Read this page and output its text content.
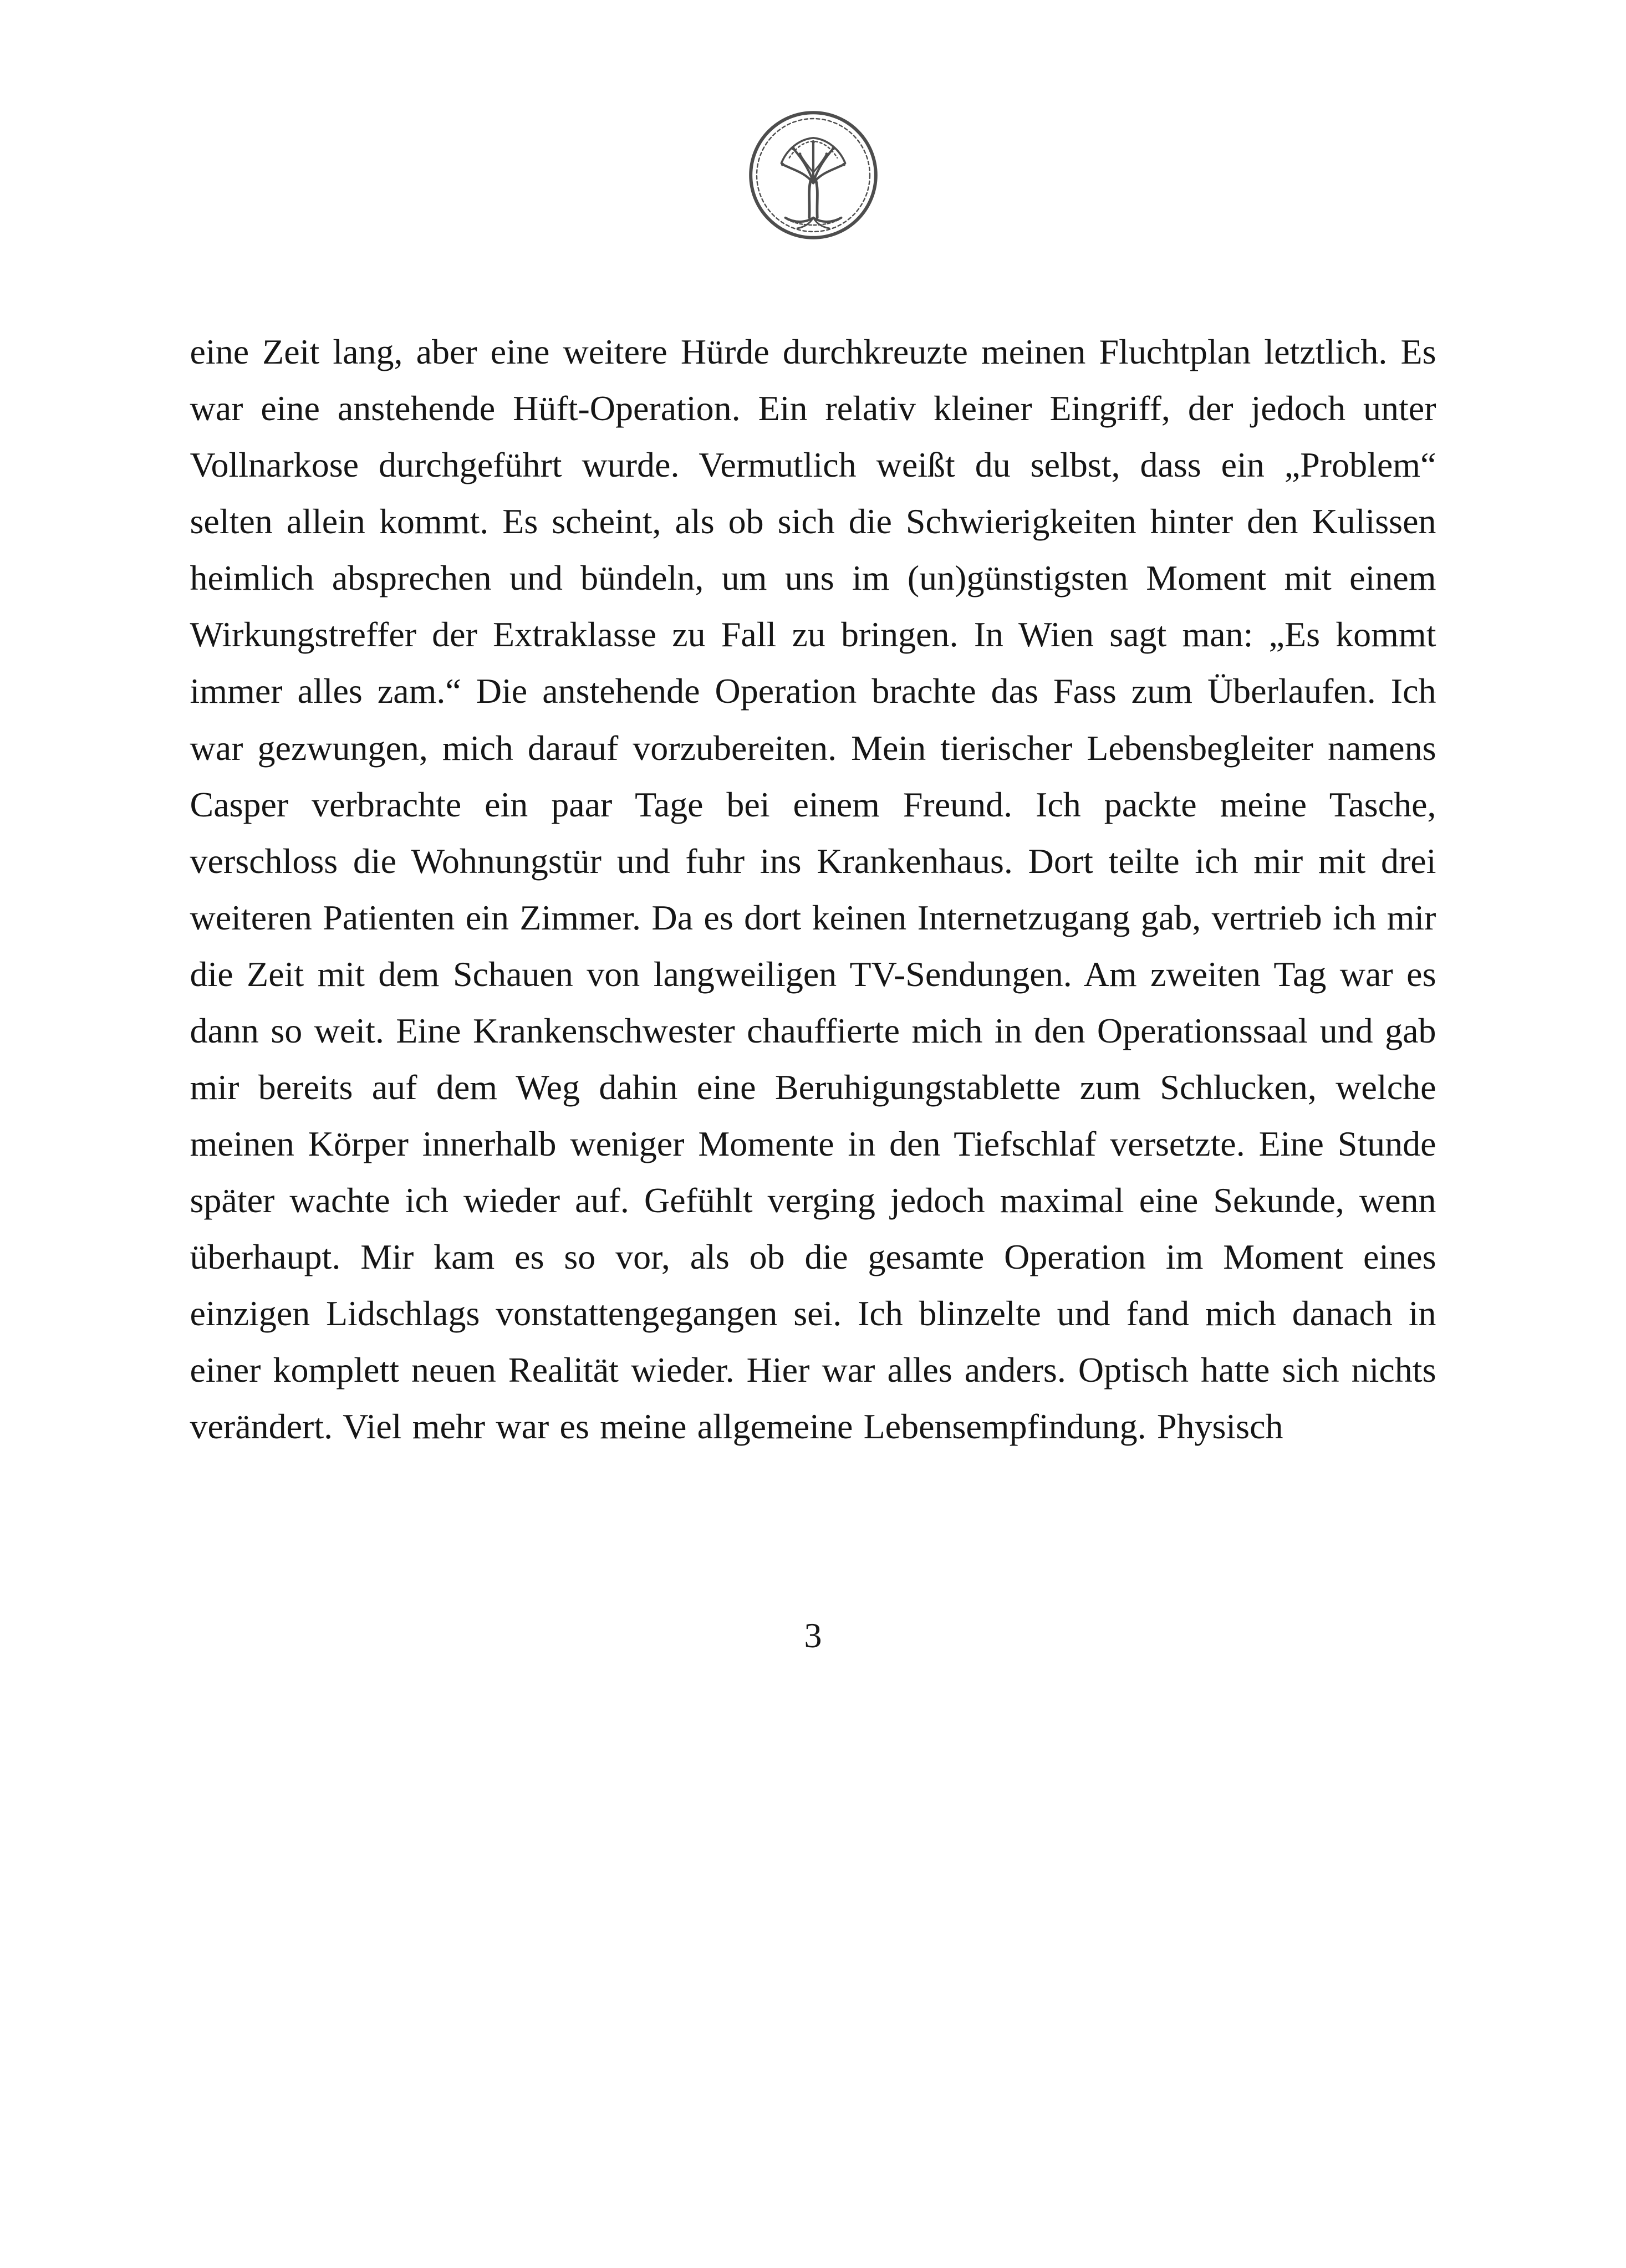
eine Zeit lang, aber eine weitere Hürde durchkreuzte meinen Fluchtplan letztlich. Es war eine anstehende Hüft-Operation. Ein relativ kleiner Eingriff, der jedoch unter Vollnarkose durchgeführt wurde. Vermutlich weißt du selbst, dass ein „Problem“ selten allein kommt. Es scheint, als ob sich die Schwierigkeiten hinter den Kulissen heimlich absprechen und bündeln, um uns im (un)günstigsten Moment mit einem Wirkungstreffer der Extraklasse zu Fall zu bringen. In Wien sagt man: „Es kommt immer alles zam.“ Die anstehende Operation brachte das Fass zum Überlaufen. Ich war gezwungen, mich darauf vorzubereiten. Mein tierischer Lebensbegleiter namens Casper verbrachte ein paar Tage bei einem Freund. Ich packte meine Tasche, verschloss die Wohnungstür und fuhr ins Krankenhaus. Dort teilte ich mir mit drei weiteren Patienten ein Zimmer. Da es dort keinen Internetzugang gab, vertrieb ich mir die Zeit mit dem Schauen von langweiligen TV-Sendungen. Am zweiten Tag war es dann so weit. Eine Krankenschwester chauffierte mich in den Operationssaal und gab mir bereits auf dem Weg dahin eine Beruhigungstablette zum Schlucken, welche meinen Körper innerhalb weniger Momente in den Tiefschlaf versetzte. Eine Stunde später wachte ich wieder auf. Gefühlt verging jedoch maximal eine Sekunde, wenn überhaupt. Mir kam es so vor, als ob die gesamte Operation im Moment eines einzigen Lidschlags vonstattengegangen sei. Ich blinzelte und fand mich danach in einer komplett neuen Realität wieder. Hier war alles anders. Optisch hatte sich nichts verändert. Viel mehr war es meine allgemeine Lebensempfindung. Physisch

3
